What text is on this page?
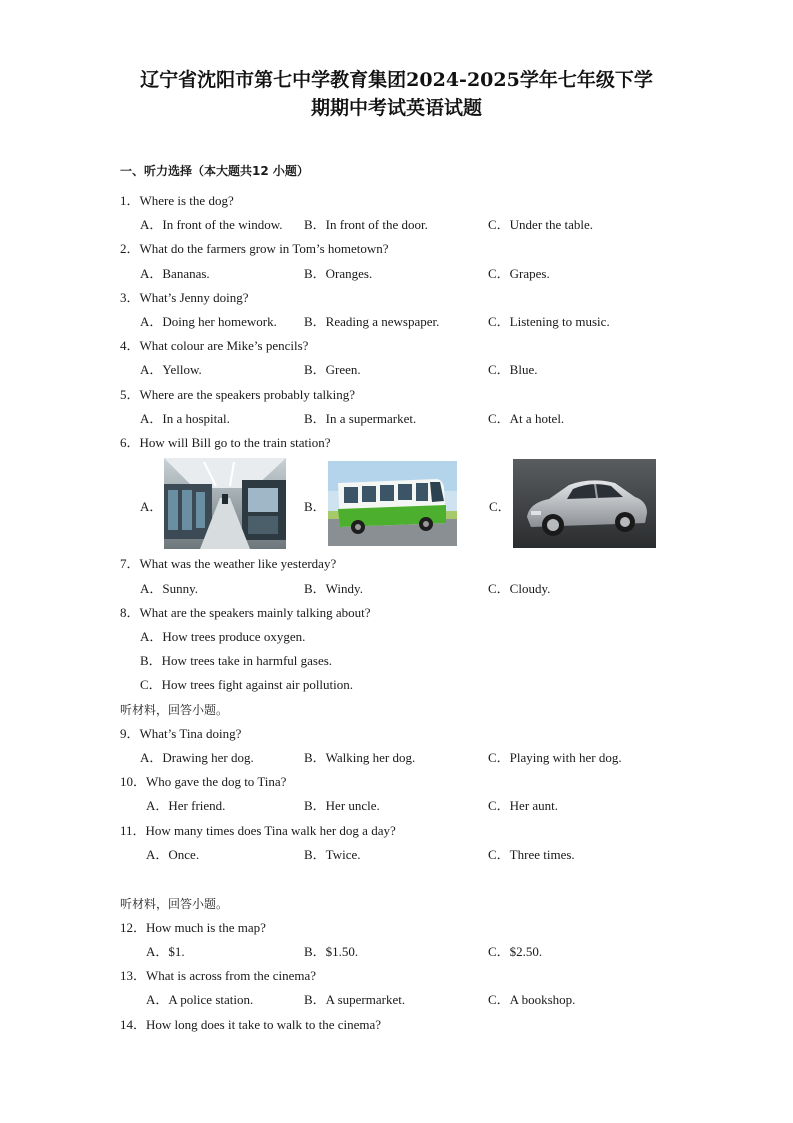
辽宁省沈阳市第七中学教育集团2024-2025学年七年级下学
期期中考试英语试题
一、听力选择（本大题共12 小题）
1．Where is the dog?
A．In front of the window. B．In front of the door.	C．Under the table.
2．What do the farmers grow in Tom’s hometown?
A．Bananas.	B．Oranges.	C．Grapes.
3．What’s Jenny doing?
A．Doing her homework. B．Reading a newspaper.	C．Listening to music.
4．What colour are Mike’s pencils?
A．Yellow.	B．Green.	C．Blue.
5．Where are the speakers probably talking?
A．In a hospital.	B．In a supermarket.	C．At a hotel.
6．How will Bill go to the train station?
A．	B．	C．
7．What was the weather like yesterday?
A．Sunny.	B．Windy.	C．Cloudy.
8．What are the speakers mainly talking about?
A．How trees produce oxygen.
B．How trees take in harmful gases.
C．How trees fight against air pollution.
听材料，回答小题。
9．What’s Tina doing?
A．Drawing her dog.	B．Walking her dog.	C．Playing with her dog.
10．Who gave the dog to Tina?
A．Her friend.	B．Her uncle.	C．Her aunt.
11．How many times does Tina walk her dog a day?
A．Once.	B．Twice.	C．Three times.
听材料，回答小题。
12．How much is the map?
A．$1.	B．$1.50.	C．$2.50.
13．What is across from the cinema?
A．A police station.	B．A supermarket.	C．A bookshop.
14．How long does it take to walk to the cinema?
